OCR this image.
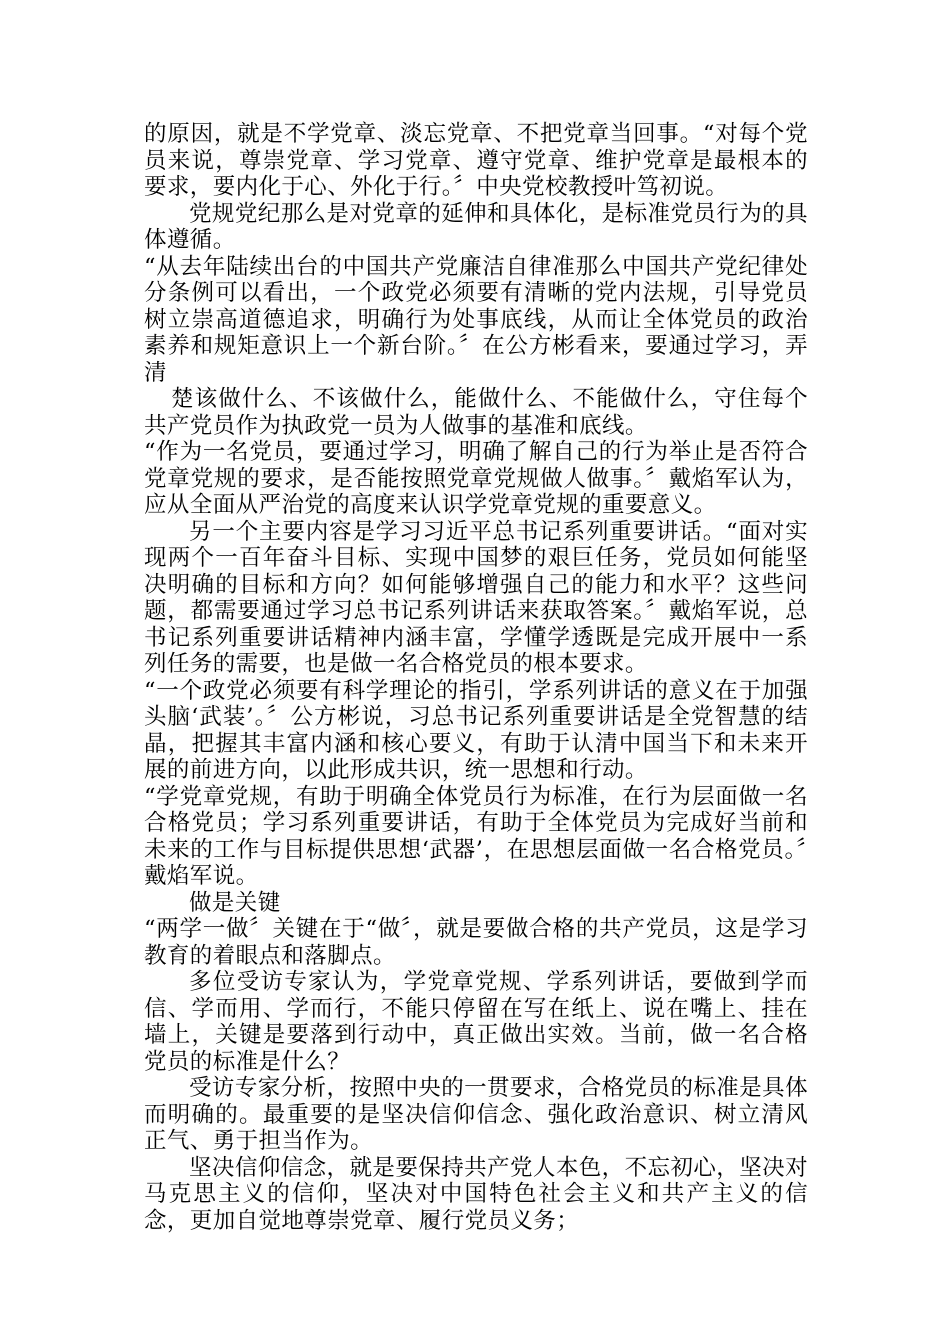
的原因，就是不学党章、淡忘党章、不把党章当回事。“对每个党员来说，尊崇党章、学习党章、遵守党章、维护党章是最根本的要求，要内化于心、外化于行。〞中央党校教授叶笃初说。

党规党纪那么是对党章的延伸和具体化，是标准党员行为的具体遵循。

“从去年陆续出台的中国共产党廉洁自律准那么中国共产党纪律处分条例可以看出，一个政党必须要有清晰的党内法规，引导党员树立崇高道德追求，明确行为处事底线，从而让全体党员的政治素养和规矩意识上一个新台阶。〞在公方彬看来，要通过学习，弄清

楚该做什么、不该做什么，能做什么、不能做什么，守住每个共产党员作为执政党一员为人做事的基准和底线。

“作为一名党员，要通过学习，明确了解自己的行为举止是否符合党章党规的要求，是否能按照党章党规做人做事。〞戴焰军认为，应从全面从严治党的高度来认识学党章党规的重要意义。

另一个主要内容是学习习近平总书记系列重要讲话。“面对实现两个一百年奋斗目标、实现中国梦的艰巨任务，党员如何能坚决明确的目标和方向？如何能够增强自己的能力和水平？这些问题，都需要通过学习总书记系列讲话来获取答案。〞戴焰军说，总书记系列重要讲话精神内涵丰富，学懂学透既是完成开展中一系列任务的需要，也是做一名合格党员的根本要求。

“一个政党必须要有科学理论的指引，学系列讲话的意义在于加强头脑‘武装’。〞公方彬说，习总书记系列重要讲话是全党智慧的结晶，把握其丰富内涵和核心要义，有助于认清中国当下和未来开展的前进方向，以此形成共识，统一思想和行动。

“学党章党规，有助于明确全体党员行为标准，在行为层面做一名合格党员；学习系列重要讲话，有助于全体党员为完成好当前和未来的工作与目标提供思想‘武器’，在思想层面做一名合格党员。〞戴焰军说。

做是关键

“两学一做〞关键在于“做〞，就是要做合格的共产党员，这是学习教育的着眼点和落脚点。

多位受访专家认为，学党章党规、学系列讲话，要做到学而信、学而用、学而行，不能只停留在写在纸上、说在嘴上、挂在墙上，关键是要落到行动中，真正做出实效。当前，做一名合格党员的标准是什么？

受访专家分析，按照中央的一贯要求，合格党员的标准是具体而明确的。最重要的是坚决信仰信念、强化政治意识、树立清风正气、勇于担当作为。

坚决信仰信念，就是要保持共产党人本色，不忘初心，坚决对马克思主义的信仰，坚决对中国特色社会主义和共产主义的信念，更加自觉地尊崇党章、履行党员义务；
